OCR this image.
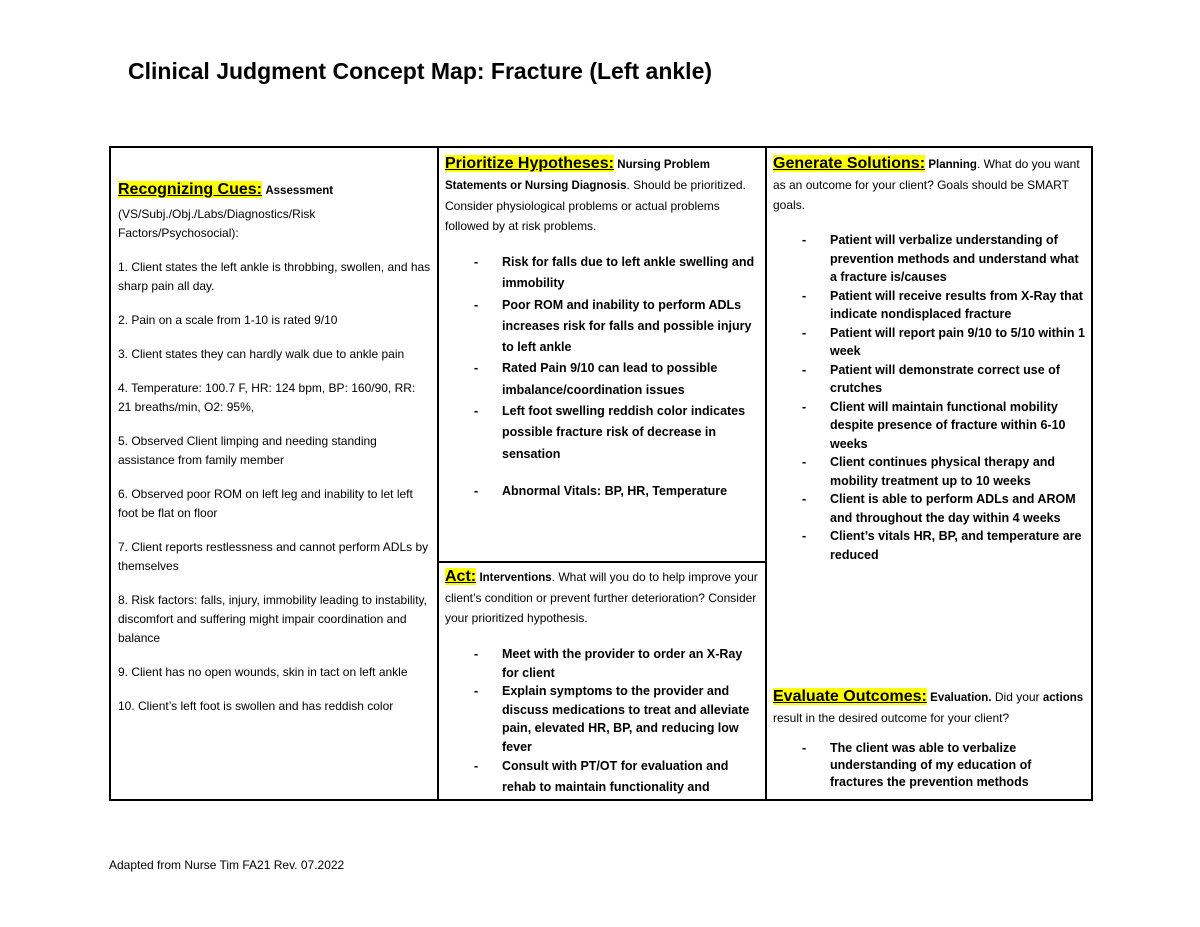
Clinical Judgment Concept Map: Fracture (Left ankle)
Recognizing Cues: Assessment
(VS/Subj./Obj./Labs/Diagnostics/Risk Factors/Psychosocial):

1. Client states the left ankle is throbbing, swollen, and has sharp pain all day.

2. Pain on a scale from 1-10 is rated 9/10

3. Client states they can hardly walk due to ankle pain

4. Temperature: 100.7 F, HR: 124 bpm, BP: 160/90, RR: 21 breaths/min, O2: 95%,

5. Observed Client limping and needing standing assistance from family member

6. Observed poor ROM on left leg and inability to let left foot be flat on floor

7. Client reports restlessness and cannot perform ADLs by themselves

8. Risk factors: falls, injury, immobility leading to instability, discomfort and suffering might impair coordination and balance

9. Client has no open wounds, skin in tact on left ankle

10. Client’s left foot is swollen and has reddish color

Prioritize Hypotheses: Nursing Problem Statements or Nursing Diagnosis. Should be prioritized. Consider physiological problems or actual problems followed by at risk problems.
- Risk for falls due to left ankle swelling and immobility
- Poor ROM and inability to perform ADLs increases risk for falls and possible injury to left ankle
- Rated Pain 9/10 can lead to possible imbalance/coordination issues
- Left foot swelling reddish color indicates possible fracture risk of decrease in sensation
- Abnormal Vitals: BP, HR, Temperature
Act: Interventions. What will you do to help improve your client’s condition or prevent further deterioration? Consider your prioritized hypothesis.
- Meet with the provider to order an X-Ray for client
- Explain symptoms to the provider and discuss medications to treat and alleviate pain, elevated HR, BP, and reducing low fever
- Consult with PT/OT for evaluation and rehab to maintain functionality and
Generate Solutions: Planning. What do you want as an outcome for your client? Goals should be SMART goals.
- Patient will verbalize understanding of prevention methods and understand what a fracture is/causes
- Patient will receive results from X-Ray that indicate nondisplaced fracture
- Patient will report pain 9/10 to 5/10 within 1 week
- Patient will demonstrate correct use of crutches
- Client will maintain functional mobility despite presence of fracture within 6-10 weeks
- Client continues physical therapy and mobility treatment up to 10 weeks
- Client is able to perform ADLs and AROM and throughout the day within 4 weeks
- Client’s vitals HR, BP, and temperature are reduced
Evaluate Outcomes: Evaluation. Did your actions result in the desired outcome for your client?
- The client was able to verbalize understanding of my education of fractures the prevention methods
Adapted from Nurse Tim FA21 Rev. 07.2022
